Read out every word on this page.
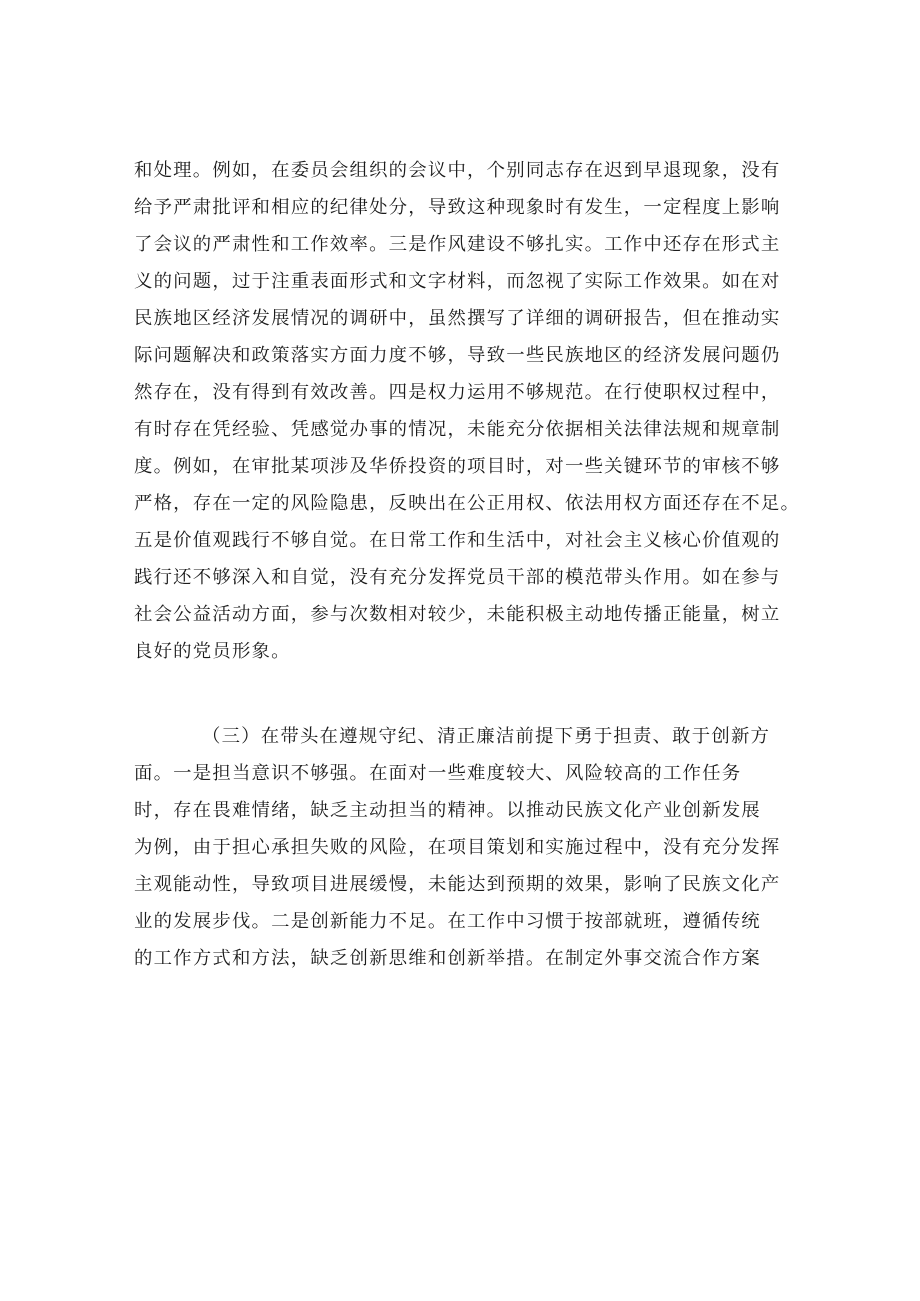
和处理。例如，在委员会组织的会议中，个别同志存在迟到早退现象，没有
给予严肃批评和相应的纪律处分，导致这种现象时有发生，一定程度上影响
了会议的严肃性和工作效率。三是作风建设不够扎实。工作中还存在形式主
义的问题，过于注重表面形式和文字材料，而忽视了实际工作效果。如在对
民族地区经济发展情况的调研中，虽然撰写了详细的调研报告，但在推动实
际问题解决和政策落实方面力度不够，导致一些民族地区的经济发展问题仍
然存在，没有得到有效改善。四是权力运用不够规范。在行使职权过程中，
有时存在凭经验、凭感觉办事的情况，未能充分依据相关法律法规和规章制
度。例如，在审批某项涉及华侨投资的项目时，对一些关键环节的审核不够
严格，存在一定的风险隐患，反映出在公正用权、依法用权方面还存在不足。
五是价值观践行不够自觉。在日常工作和生活中，对社会主义核心价值观的
践行还不够深入和自觉，没有充分发挥党员干部的模范带头作用。如在参与
社会公益活动方面，参与次数相对较少，未能积极主动地传播正能量，树立
良好的党员形象。
（三）在带头在遵规守纪、清正廉洁前提下勇于担责、敢于创新方
面。一是担当意识不够强。在面对一些难度较大、风险较高的工作任务
时，存在畏难情绪，缺乏主动担当的精神。以推动民族文化产业创新发展
为例，由于担心承担失败的风险，在项目策划和实施过程中，没有充分发挥
主观能动性，导致项目进展缓慢，未能达到预期的效果，影响了民族文化产
业的发展步伐。二是创新能力不足。在工作中习惯于按部就班，遵循传统
的工作方式和方法，缺乏创新思维和创新举措。在制定外事交流合作方案
